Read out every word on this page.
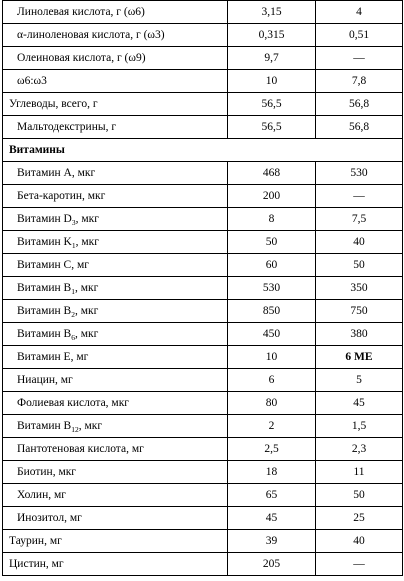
Линолевая кислота, г (ω6)	3,15	4
α-линоленовая кислота, г (ω3)	0,315	0,51
Олеиновая кислота, г (ω9)	9,7	—
ω6:ω3	10	7,8
Углеводы, всего, г	56,5	56,8
Мальтодекстрины, г	56,5	56,8
Витамины		
Витамин А, мкг	468	530
Бета-каротин, мкг	200	—
Витамин $D_3$, мкг	8	7,5
Витамин $K_1$, мкг	50	40
Витамин С, мг	60	50
Витамин $В_1$, мкг	530	350
Витамин $В_2$, мкг	850	750
Витамин $В_6$, мкг	450	380
Витамин Е, мг	10	6 МЕ
Ниацин, мг	6	5
Фолиевая кислота, мкг	80	45
Витамин $В_{12}$, мкг	2	1,5
Пантотеновая кислота, мг	2,5	2,3
Биотин, мкг	18	11
Холин, мг	65	50
Инозитол, мг	45	25
Таурин, мг	39	40
Цистин, мг	205	—
